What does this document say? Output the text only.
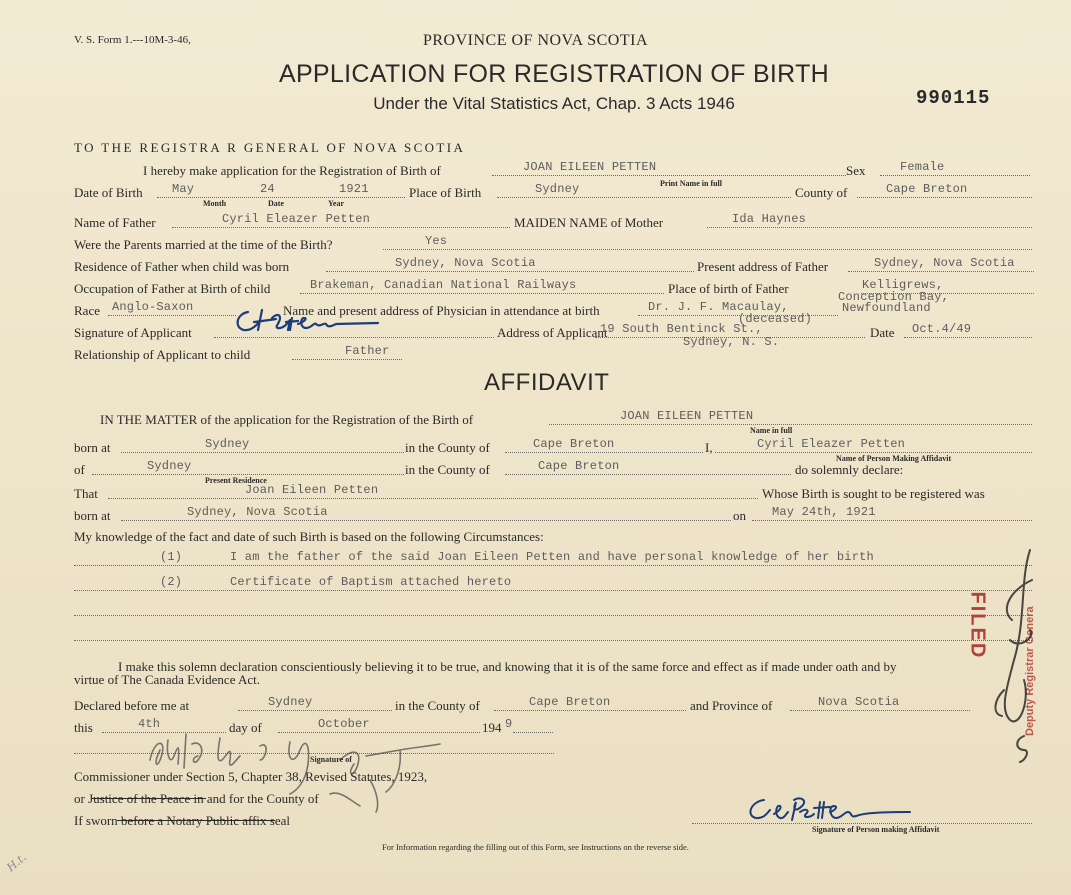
V. S. Form 1.---10M-3-46,	PROVINCE OF NOVA SCOTIA
APPLICATION FOR REGISTRATION OF BIRTH
Under the Vital Statistics Act, Chap. 3 Acts 1946	990115
TO THE REGISTRA R GENERAL OF NOVA SCOTIA
I hereby make application for the Registration of Birth of	JOAN EILEEN PETTEN
Print Name in full
Sex	Female
Date of Birth May	24	1921
Month	Date	Year
Place of Birth	Sydney	County of	Cape Breton
Name of Father	Cyril Eleazer Petten	MAIDEN NAME of Mother	Ida Haynes
Were the Parents married at the time of the Birth?	Yes
Residence of Father when child was born	Sydney, Nova Scotia	Present address of Father	Sydney, Nova Scotia
Occupation of Father at Birth of child	Brakeman, Canadian National Railways	Place of birth of Father	Kelligrews,
Conception Bay,
Newfoundland
Race Anglo-Saxon	Name and present address of Physician in attendance at birth	Dr. J. F. Macaulay,
(deceased)
Signature of Applicant	Address of Applicant
19 South Bentinck St.,
Sydney, N. S.
Date Oct.4/49
Relationship of Applicant to child	Father
AFFIDAVIT
IN THE MATTER of the application for the Registration of the Birth of	JOAN EILEEN PETTEN
Name in full
born at	Sydney	in the County of	Cape Breton	I,	Cyril Eleazer Petten
Name of Person Making Affidavit
of	Sydney
Present Residence
in the County of	Cape Breton	do solemnly declare:
That	Joan Eileen Petten	Whose Birth is sought to be registered was
born at	Sydney, Nova Scotia	on May 24th, 1921
My knowledge of the fact and date of such Birth is based on the following Circumstances:
(1)	I am the father of the said Joan Eileen Petten and have personal knowledge of her birth
(2)	Certificate of Baptism attached hereto
I make this solemn declaration conscientiously believing it to be true, and knowing that it is of the same force and effect as if made under oath and by
virtue of The Canada Evidence Act.
Declared before me at	Sydney	in the County of	Cape Breton	and Province of	Nova Scotia
this	4th	day of	October	194 9
Signature of
Commissioner under Section 5, Chapter 38, Revised Statutes, 1923,
or Justice of the Peace in and for the County of
If sworn before a Notary Public affix seal
Signature of Person making Affidavit
For Information regarding the filling out of this Form, see Instructions on the reverse side.
FILED	Deputy Registrar Genera
H.t.
